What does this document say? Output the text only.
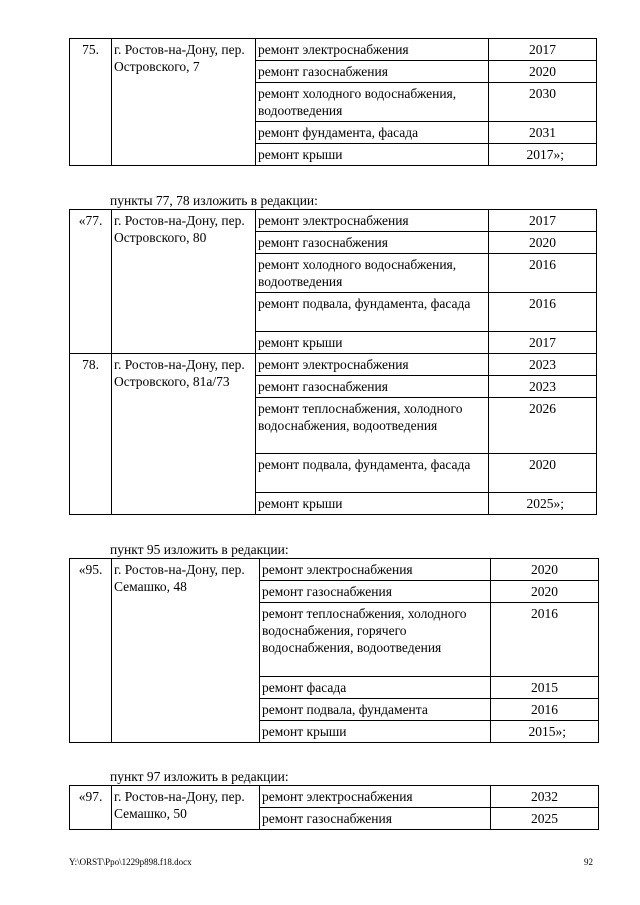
75.	г. Ростов-на-Дону, пер. Островского, 7	ремонт электроснабжения	2017
		ремонт газоснабжения	2020
		ремонт холодного водоснабжения, водоотведения	2030
		ремонт фундамента, фасада	2031
		ремонт крыши	2017»;

пункты 77, 78 изложить в редакции:

«77.	г. Ростов-на-Дону, пер. Островского, 80	ремонт электроснабжения	2017
		ремонт газоснабжения	2020
		ремонт холодного водоснабжения, водоотведения	2016
		ремонт подвала, фундамента, фасада	2016
		ремонт крыши	2017
78.	г. Ростов-на-Дону, пер. Островского, 81а/73	ремонт электроснабжения	2023
		ремонт газоснабжения	2023
		ремонт теплоснабжения, холодного водоснабжения, водоотведения	2026
		ремонт подвала, фундамента, фасада	2020
		ремонт крыши	2025»;

пункт 95 изложить в редакции:

«95.	г. Ростов-на-Дону, пер. Семашко, 48	ремонт электроснабжения	2020
		ремонт газоснабжения	2020
		ремонт теплоснабжения, холодного водоснабжения, горячего водоснабжения, водоотведения	2016
		ремонт фасада	2015
		ремонт подвала, фундамента	2016
		ремонт крыши	2015»;

пункт 97 изложить в редакции:

«97.	г. Ростов-на-Дону, пер. Семашко, 50	ремонт электроснабжения	2032
		ремонт газоснабжения	2025

Y:\ORST\Ppo\1229p898.f18.docx	92
